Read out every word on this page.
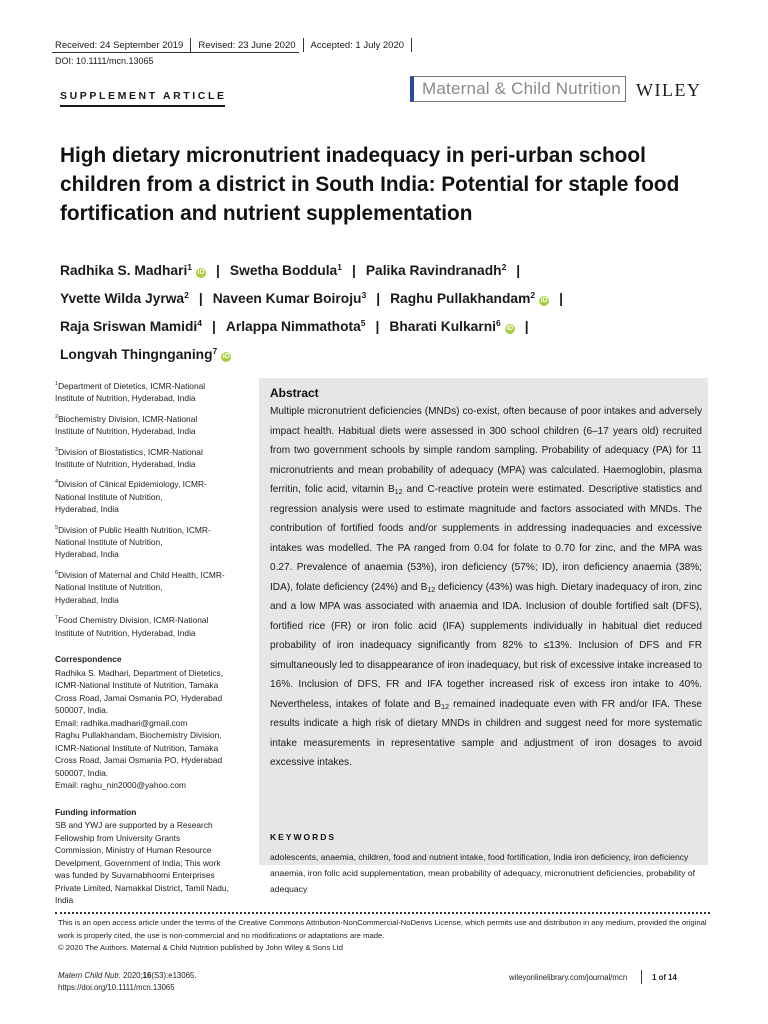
Received: 24 September 2019 Revised: 23 June 2020 Accepted: 1 July 2020
DOI: 10.1111/mcn.13065
SUPPLEMENT ARTICLE	Maternal & Child Nutrition WILEY
High dietary micronutrient inadequacy in peri-urban school children from a district in South India: Potential for staple food fortification and nutrient supplementation
Radhika S. Madhari$^1$iD | Swetha Boddula$^1$ | Palika Ravindranadh$^2$ |
Yvette Wilda Jyrwa$^2$ | Naveen Kumar Boiroju$^3$ | Raghu Pullakhandam$^2$iD |
Raja Sriswan Mamidi$^4$ | Arlappa Nimmathota$^5$ | Bharati Kulkarni$^6$iD |
Longvah Thingnganing$^7$iD
$^1$Department of Dietetics, ICMR-National
Institute of Nutrition, Hyderabad, India
$^2$Biochemistry Division, ICMR-National
Institute of Nutrition, Hyderabad, India
$^3$Division of Biostatistics, ICMR-National
Institute of Nutrition, Hyderabad, India
$^4$Division of Clinical Epidemiology, ICMR-
National Institute of Nutrition,
Hyderabad, India
$^5$Division of Public Health Nutrition, ICMR-
National Institute of Nutrition,
Hyderabad, India
$^6$Division of Maternal and Child Health, ICMR-
National Institute of Nutrition,
Hyderabad, India
$^7$Food Chemistry Division, ICMR-National
Institute of Nutrition, Hyderabad, India
Correspondence
Radhika S. Madhari, Department of Dietetics,
ICMR-National Institute of Nutrition, Tamaka
Cross Road, Jamai Osmania PO, Hyderabad
500007, India.
Email: radhika.madhari@gmail.com
Raghu Pullakhandam, Biochemistry Division,
ICMR-National Institute of Nutrition, Tamaka
Cross Road, Jamai Osmania PO, Hyderabad
500007, India.
Email: raghu_nin2000@yahoo.com
Funding information
SB and YWJ are supported by a Research
Fellowship from University Grants
Commission, Ministry of Human Resource
Develpment, Government of India; This work
was funded by Suvarnabhoomi Enterprises
Private Limited, Namakkal District, Tamil Nadu,
India
Abstract
Multiple micronutrient deficiencies (MNDs) co-exist, often because of poor intakes and adversely impact health. Habitual diets were assessed in 300 school children (6–17 years old) recruited from two government schools by simple random sampling. Probability of adequacy (PA) for 11 micronutrients and mean probability of adequacy (MPA) was calculated. Haemoglobin, plasma ferritin, folic acid, vitamin $B_{12}$ and C-reactive protein were estimated. Descriptive statistics and regression analysis were used to estimate magnitude and factors associated with MNDs. The contribution of fortified foods and/or supplements in addressing inadequacies and excessive intakes was modelled. The PA ranged from 0.04 for folate to 0.70 for zinc, and the MPA was 0.27. Prevalence of anaemia (53%), iron deficiency (57%; ID), iron deficiency anaemia (38%; IDA), folate deficiency (24%) and $B_{12}$ deficiency (43%) was high. Dietary inadequacy of iron, zinc and a low MPA was associated with anaemia and IDA. Inclusion of double fortified salt (DFS), fortified rice (FR) or iron folic acid (IFA) supplements individually in habitual diet reduced probability of iron inadequacy significantly from 82% to ≤13%. Inclusion of DFS and FR simultaneously led to disappearance of iron inadequacy, but risk of excessive intake increased to 16%. Inclusion of DFS, FR and IFA together increased risk of excess iron intake to 40%. Nevertheless, intakes of folate and $B_{12}$ remained inadequate even with FR and/or IFA. These results indicate a high risk of dietary MNDs in children and suggest need for more systematic intake measurements in representative sample and adjustment of iron dosages to avoid excessive intakes.
KEYWORDS
adolescents, anaemia, children, food and nutrient intake, food fortification, India iron deficiency, iron deficiency anaemia, iron folic acid supplementation, mean probability of adequacy, micronutrient deficiencies, probability of adequacy
This is an open access article under the terms of the Creative Commons Attribution-NonCommercial-NoDerivs License, which permits use and distribution in any medium, provided the original work is properly cited, the use is non-commercial and no modifications or adaptations are made.
© 2020 The Authors. Maternal & Child Nutrition published by John Wiley & Sons Ltd
Matern Child Nutr. 2020;16(S3):e13065.
https://doi.org/10.1111/mcn.13065
wileyonlinelibrary.com/journal/mcn	1 of 14
